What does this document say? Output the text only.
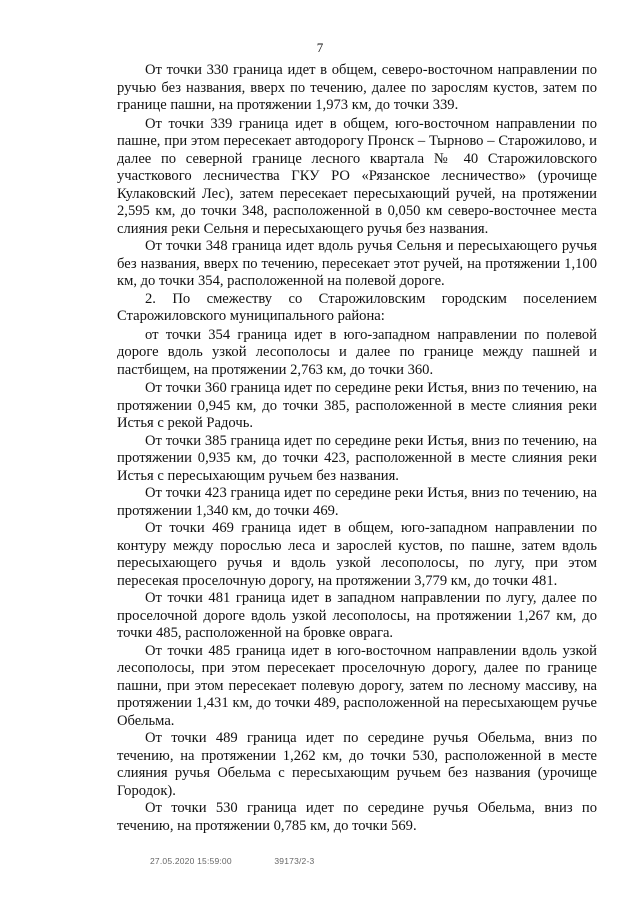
7

От точки 330 граница идет в общем, северо-восточном направлении по ручью без названия, вверх по течению, далее по зарослям кустов, затем по границе пашни, на протяжении 1,973 км, до точки 339.

От точки 339 граница идет в общем, юго-восточном направлении по пашне, при этом пересекает автодорогу Пронск – Тырново – Старожилово, и далее по северной границе лесного квартала № 40 Старожиловского участкового лесничества ГКУ РО «Рязанское лесничество» (урочище Кулаковский Лес), затем пересекает пересыхающий ручей, на протяжении 2,595 км, до точки 348, расположенной в 0,050 км северо-восточнее места слияния реки Сельня и пересыхающего ручья без названия.

От точки 348 граница идет вдоль ручья Сельня и пересыхающего ручья без названия, вверх по течению, пересекает этот ручей, на протяжении 1,100 км, до точки 354, расположенной на полевой дороге.

2. По смежеству со Старожиловским городским поселением Старожиловского муниципального района:

от точки 354 граница идет в юго-западном направлении по полевой дороге вдоль узкой лесополосы и далее по границе между пашней и пастбищем, на протяжении 2,763 км, до точки 360.

От точки 360 граница идет по середине реки Истья, вниз по течению, на протяжении 0,945 км, до точки 385, расположенной в месте слияния реки Истья с рекой Радочь.

От точки 385 граница идет по середине реки Истья, вниз по течению, на протяжении 0,935 км, до точки 423, расположенной в месте слияния реки Истья с пересыхающим ручьем без названия.

От точки 423 граница идет по середине реки Истья, вниз по течению, на протяжении 1,340 км, до точки 469.

От точки 469 граница идет в общем, юго-западном направлении по контуру между порослью леса и зарослей кустов, по пашне, затем вдоль пересыхающего ручья и вдоль узкой лесополосы, по лугу, при этом пересекая проселочную дорогу, на протяжении 3,779 км, до точки 481.

От точки 481 граница идет в западном направлении по лугу, далее по проселочной дороге вдоль узкой лесополосы, на протяжении 1,267 км, до точки 485, расположенной на бровке оврага.

От точки 485 граница идет в юго-восточном направлении вдоль узкой лесополосы, при этом пересекает проселочную дорогу, далее по границе пашни, при этом пересекает полевую дорогу, затем по лесному массиву, на протяжении 1,431 км, до точки 489, расположенной на пересыхающем ручье Обельма.

От точки 489 граница идет по середине ручья Обельма, вниз по течению, на протяжении 1,262 км, до точки 530, расположенной в месте слияния ручья Обельма с пересыхающим ручьем без названия (урочище Городок).

От точки 530 граница идет по середине ручья Обельма, вниз по течению, на протяжении 0,785 км, до точки 569.

27.05.2020 15:59:00	39173/2-3
